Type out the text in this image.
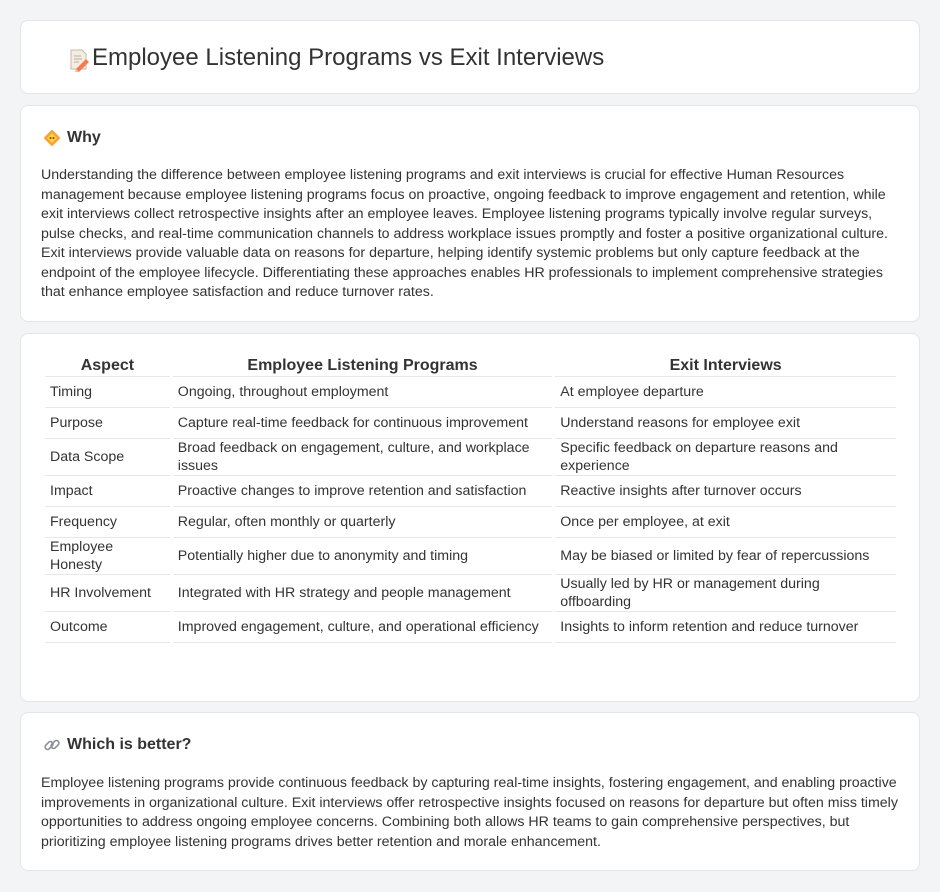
Employee Listening Programs vs Exit Interviews
Why

Understanding the difference between employee listening programs and exit interviews is crucial for effective Human Resources management because employee listening programs focus on proactive, ongoing feedback to improve engagement and retention, while exit interviews collect retrospective insights after an employee leaves. Employee listening programs typically involve regular surveys, pulse checks, and real-time communication channels to address workplace issues promptly and foster a positive organizational culture. Exit interviews provide valuable data on reasons for departure, helping identify systemic problems but only capture feedback at the endpoint of the employee lifecycle. Differentiating these approaches enables HR professionals to implement comprehensive strategies that enhance employee satisfaction and reduce turnover rates.

Aspect	Employee Listening Programs	Exit Interviews
Timing	Ongoing, throughout employment	At employee departure
Purpose	Capture real-time feedback for continuous improvement	Understand reasons for employee exit
Data Scope	Broad feedback on engagement, culture, and workplace issues	Specific feedback on departure reasons and experience
Impact	Proactive changes to improve retention and satisfaction	Reactive insights after turnover occurs
Frequency	Regular, often monthly or quarterly	Once per employee, at exit
Employee Honesty	Potentially higher due to anonymity and timing	May be biased or limited by fear of repercussions
HR Involvement	Integrated with HR strategy and people management	Usually led by HR or management during offboarding
Outcome	Improved engagement, culture, and operational efficiency	Insights to inform retention and reduce turnover
Which is better?

Employee listening programs provide continuous feedback by capturing real-time insights, fostering engagement, and enabling proactive improvements in organizational culture. Exit interviews offer retrospective insights focused on reasons for departure but often miss timely opportunities to address ongoing employee concerns. Combining both allows HR teams to gain comprehensive perspectives, but prioritizing employee listening programs drives better retention and morale enhancement.
